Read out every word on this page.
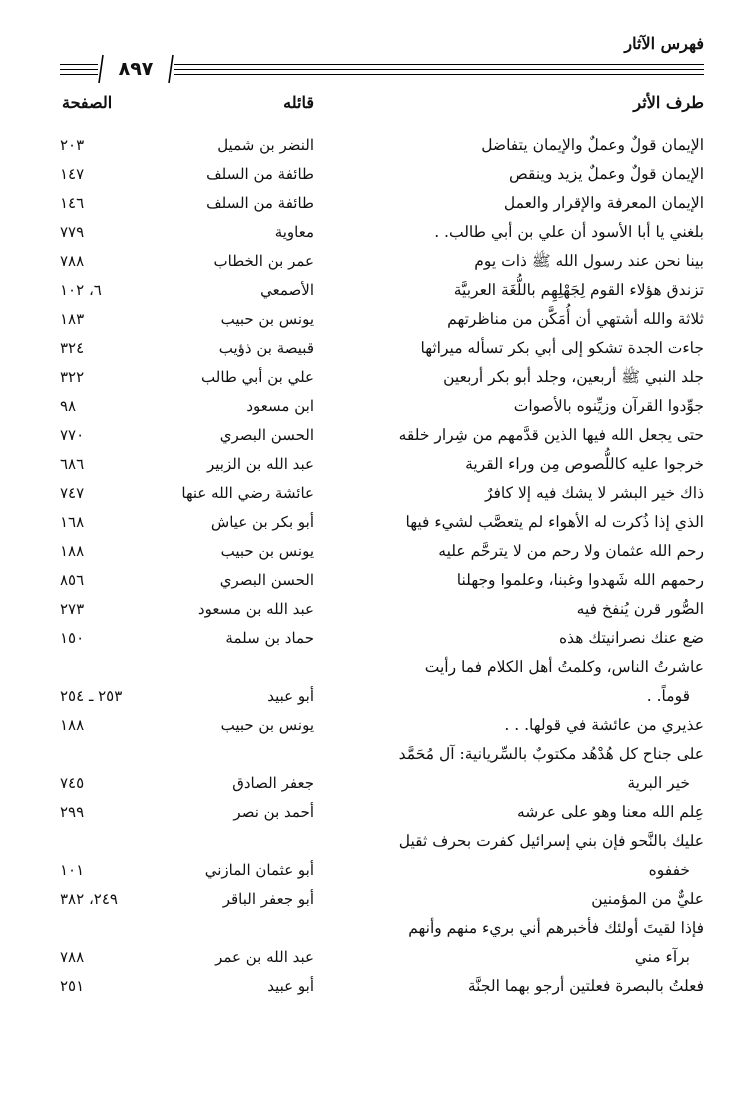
فهرس الآثار
٨٩٧
طرف الأثر
قائله
الصفحة
الإيمان قولٌ وعملٌ والإيمان يتفاضل
النضر بن شميل
٢٠٣
الإيمان قولٌ وعملٌ يزيد وينقص
طائفة من السلف
١٤٧
الإيمان المعرفة والإقرار والعمل
طائفة من السلف
١٤٦
بلغني يا أبا الأسود أن علي بن أبي طالب. .
معاوية
٧٧٩
بينا نحن عند رسول الله ﷺ ذات يوم
عمر بن الخطاب
٧٨٨
تزندق هؤلاء القوم لِجَهْلِهِم باللُّغَة العربيَّة
الأصمعي
٦، ١٠٢
ثلاثة والله أشتهي أن أُمَكَّن من مناظرتهم
يونس بن حبيب
١٨٣
جاءت الجدة تشكو إلى أبي بكر تسأله ميراثها
قبيصة بن ذؤيب
٣٢٤
جلد النبي ﷺ أربعين، وجلد أبو بكر أربعين
علي بن أبي طالب
٣٢٢
جوِّدوا القرآن وزيِّنوه بالأصوات
ابن مسعود
٩٨
حتى يجعل الله فيها الذين قدَّمهم من شِرار خلقه
الحسن البصري
٧٧٠
خرجوا عليه كاللُّصوص مِن وراء القرية
عبد الله بن الزبير
٦٨٦
ذاك خير البشر لا يشك فيه إلا كافرٌ
عائشة رضي الله عنها
٧٤٧
الذي إذا ذُكرت له الأهواء لم يتعصَّب لشيء فيها
أبو بكر بن عياش
١٦٨
رحم الله عثمان ولا رحم من لا يترحَّم عليه
يونس بن حبيب
١٨٨
رحمهم الله شَهدوا وغبنا، وعلموا وجهلنا
الحسن البصري
٨٥٦
الصُّور قرن يُنفخ فيه
عبد الله بن مسعود
٢٧٣
ضع عنك نصرانيتك هذه
حماد بن سلمة
١٥٠
عاشرتُ الناس، وكلمتُ أهل الكلام فما رأيت
قوماً. .
أبو عبيد
٢٥٣ ـ ٢٥٤
عذيري من عائشة في قولها. . .
يونس بن حبيب
١٨٨
على جناح كل هُدْهُد مكتوبٌ بالسِّريانية: آل مُحَمَّد
خير البرية
جعفر الصادق
٧٤٥
عِلم الله معنا وهو على عرشه
أحمد بن نصر
٢٩٩
عليك بالنَّحو فإن بني إسرائيل كفرت بحرف ثقيل
خففوه
أبو عثمان المازني
١٠١
عليٌّ من المؤمنين
أبو جعفر الباقر
٢٤٩، ٣٨٢
فإذا لقيتَ أولئك فأخبرهم أني بريء منهم وأنهم
برآء مني
عبد الله بن عمر
٧٨٨
فعلتُ بالبصرة فعلتين أرجو بهما الجنَّة
أبو عبيد
٢٥١
